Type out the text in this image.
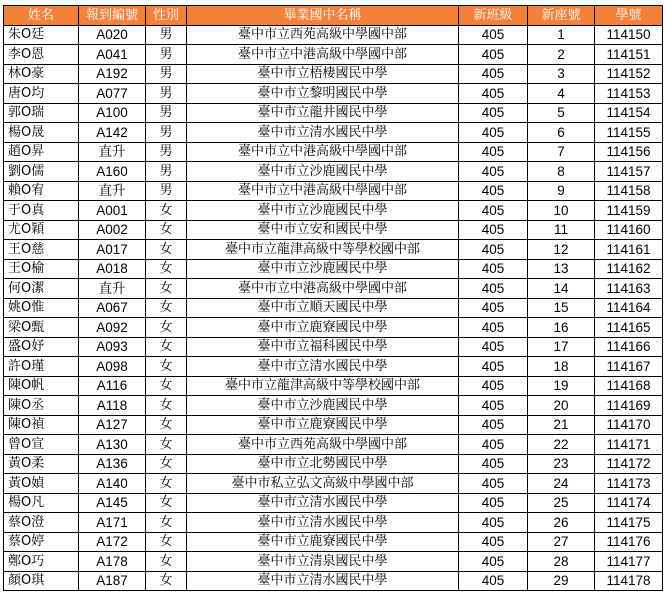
姓名	報到編號	性別	畢業國中名稱	新班級	新座號	學號
朱O廷	A020	男	臺中市立西苑高級中學國中部	405	1	114150
李O恩	A041	男	臺中市立中港高級中學國中部	405	2	114151
林O豪	A192	男	臺中市立梧棲國民中學	405	3	114152
唐O均	A077	男	臺中市立黎明國民中學	405	4	114153
郭O瑞	A100	男	臺中市立龍井國民中學	405	5	114154
楊O晟	A142	男	臺中市立清水國民中學	405	6	114155
趙O昇	直升	男	臺中市立中港高級中學國中部	405	7	114156
劉O儒	A160	男	臺中市立沙鹿國民中學	405	8	114157
賴O宥	直升	男	臺中市立中港高級中學國中部	405	9	114158
于O真	A001	女	臺中市立沙鹿國民中學	405	10	114159
尤O穎	A002	女	臺中市立安和國民中學	405	11	114160
王O慈	A017	女	臺中市立龍津高級中等學校國中部	405	12	114161
王O榆	A018	女	臺中市立沙鹿國民中學	405	13	114162
何O潔	直升	女	臺中市立中港高級中學國中部	405	14	114163
姚O惟	A067	女	臺中市立順天國民中學	405	15	114164
梁O甄	A092	女	臺中市立鹿寮國民中學	405	16	114165
盛O妤	A093	女	臺中市立福科國民中學	405	17	114166
許O瑾	A098	女	臺中市立清水國民中學	405	18	114167
陳O帆	A116	女	臺中市立龍津高級中等學校國中部	405	19	114168
陳O丞	A118	女	臺中市立沙鹿國民中學	405	20	114169
陳O禎	A127	女	臺中市立鹿寮國民中學	405	21	114170
曾O宣	A130	女	臺中市立西苑高級中學國中部	405	22	114171
黃O柔	A136	女	臺中市立北勢國民中學	405	23	114172
黃O媜	A140	女	臺中市私立弘文高級中學國中部	405	24	114173
楊O凡	A145	女	臺中市立清水國民中學	405	25	114174
蔡O澄	A171	女	臺中市立清水國民中學	405	26	114175
蔡O婷	A172	女	臺中市立鹿寮國民中學	405	27	114176
鄭O巧	A178	女	臺中市立清泉國民中學	405	28	114177
顏O琪	A187	女	臺中市立清水國民中學	405	29	114178
